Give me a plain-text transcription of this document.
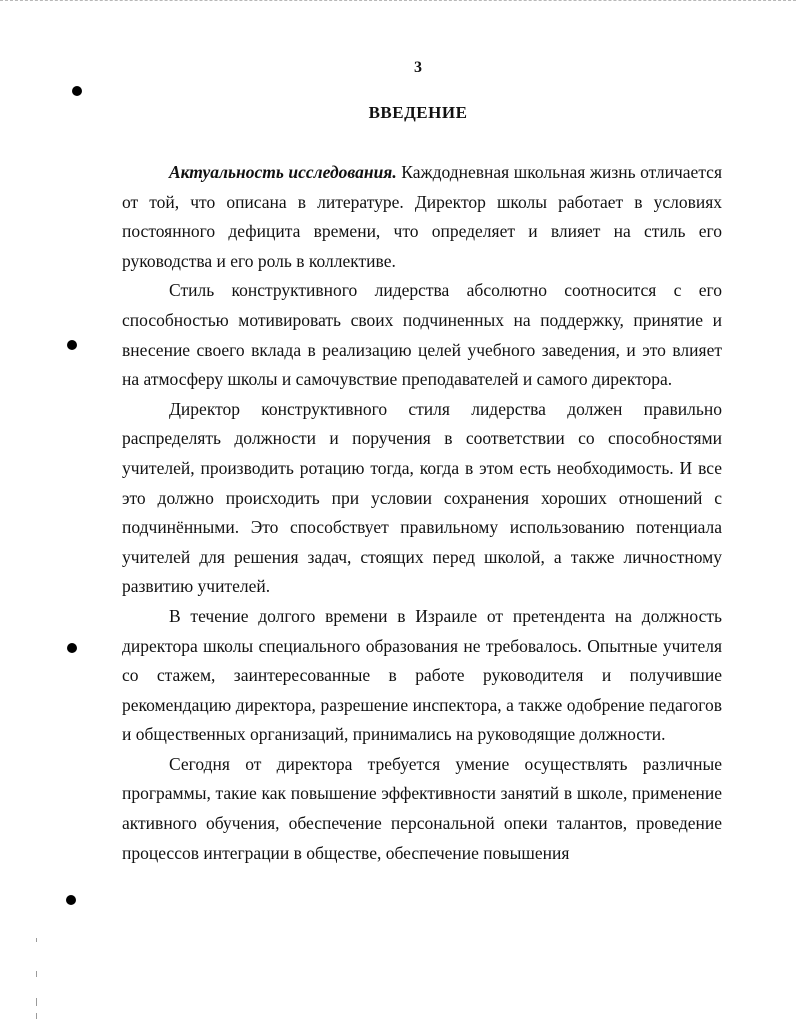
3
ВВЕДЕНИЕ

Актуальность исследования. Каждодневная школьная жизнь отличается от той, что описана в литературе. Директор школы работает в условиях постоянного дефицита времени, что определяет и влияет на стиль его руководства и его роль в коллективе.

Стиль конструктивного лидерства абсолютно соотносится с его способностью мотивировать своих подчиненных на поддержку, принятие и внесение своего вклада в реализацию целей учебного заведения, и это влияет на атмосферу школы и самочувствие преподавателей и самого директора.

Директор конструктивного стиля лидерства должен правильно распределять должности и поручения в соответствии со способностями учителей, производить ротацию тогда, когда в этом есть необходимость. И все это должно происходить при условии сохранения хороших отношений с подчинёнными. Это способствует правильному использованию потенциала учителей для решения задач, стоящих перед школой, а также личностному развитию учителей.

В течение долгого времени в Израиле от претендента на должность директора школы специального образования не требовалось. Опытные учителя со стажем, заинтересованные в работе руководителя и получившие рекомендацию директора, разрешение инспектора, а также одобрение педагогов и общественных организаций, принимались на руководящие должности.

Сегодня от директора требуется умение осуществлять различные программы, такие как повышение эффективности занятий в школе, применение активного обучения, обеспечение персональной опеки талантов, проведение процессов интеграции в обществе, обеспечение повышения
